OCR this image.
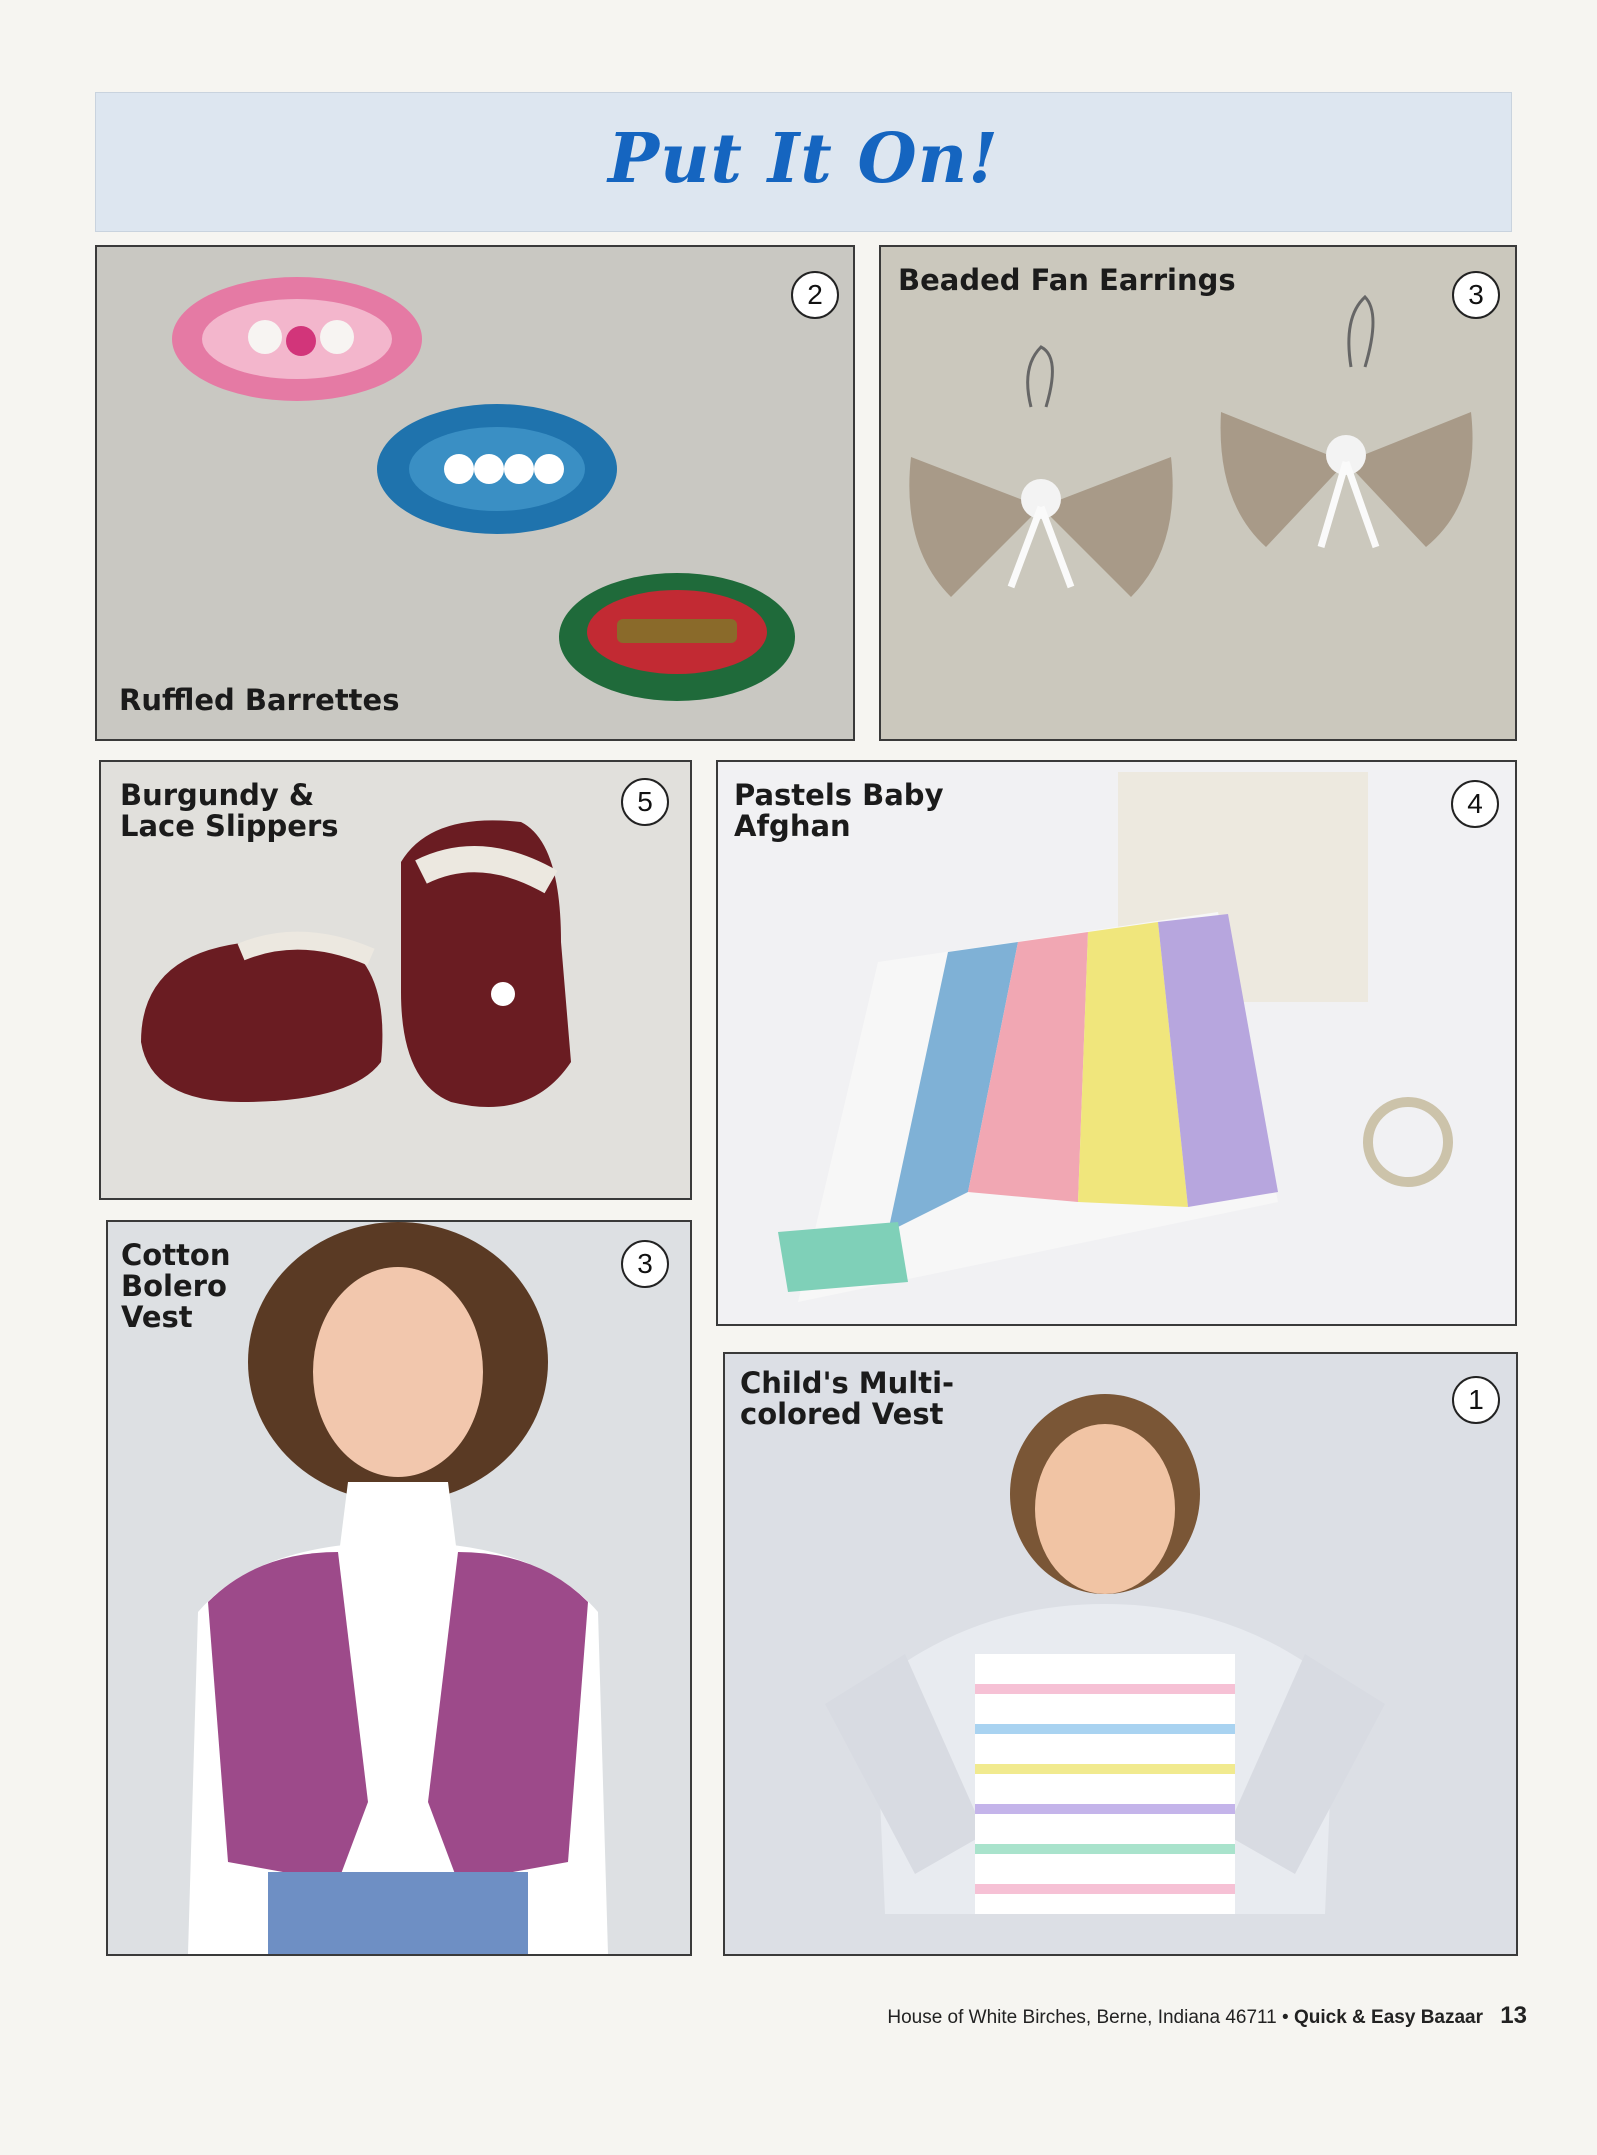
Put It On!
Ruffled Barrettes
2	Beaded Fan Earrings	3
Burgundy &
Lace Slippers
5	Pastels Baby
Afghan
4
Cotton
Bolero
Vest
3
Child's Multi-
colored Vest	1
House of White Birches, Berne, Indiana 46711 • Quick & Easy Bazaar 13
